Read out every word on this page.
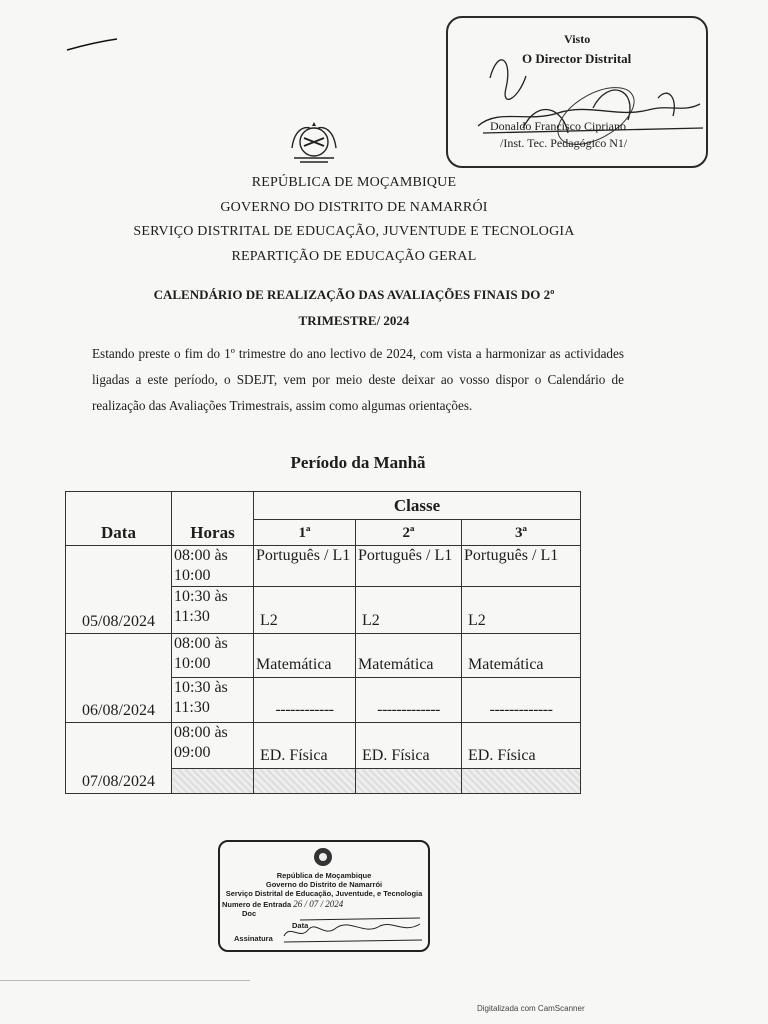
Visto
O Director Distrital
Donaldo Francisco Cipriano
/Inst. Tec. Pedagógico N1/
REPÚBLICA DE MOÇAMBIQUE
GOVERNO DO DISTRITO DE NAMARRÓI
SERVIÇO DISTRITAL DE EDUCAÇÃO, JUVENTUDE E TECNOLOGIA
REPARTIÇÃO DE EDUCAÇÃO GERAL
CALENDÁRIO DE REALIZAÇÃO DAS AVALIAÇÕES FINAIS DO 2º
TRIMESTRE/ 2024
Estando preste o fim do 1º trimestre do ano lectivo de 2024, com vista a harmonizar as actividades ligadas a este período, o SDEJT, vem por meio deste deixar ao vosso dispor o Calendário de realização das Avaliações Trimestrais, assim como algumas orientações.
Período da Manhã
Data	Horas	Classe		
		1ª	2ª	3ª
05/08/2024	08:00 às 10:00	Português / L1	Português / L1	Português / L1
	10:30 às 11:30	L2	L2	L2
06/08/2024	08:00 às 10:00	Matemática	Matemática	Matemática
	10:30 às 11:30	------------	-------------	-------------
07/08/2024	08:00 às 09:00	ED. Física	ED. Física	ED. Física

República de Moçambique
Governo do Distrito de Namarrói
Serviço Distrital de Educação, Juventude, e Tecnologia
Numero de Entrada 26 / 07 / 2024
Doc
Data
Assinatura
Digitalizada com CamScanner
